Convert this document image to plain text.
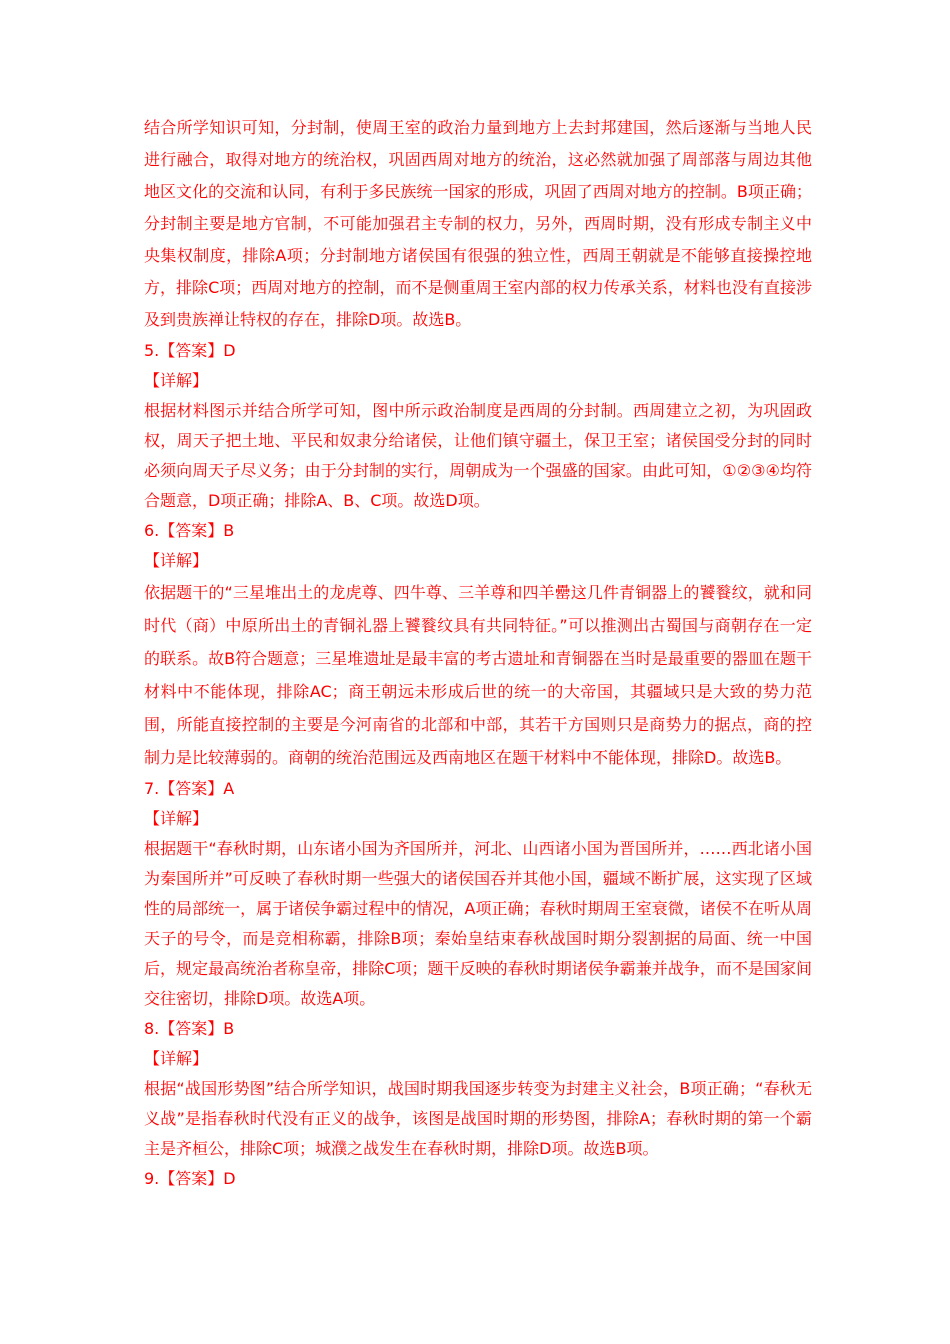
结合所学知识可知，分封制，使周王室的政治力量到地方上去封邦建国，然后逐渐与当地人民进行融合，取得对地方的统治权，巩固西周对地方的统治，这必然就加强了周部落与周边其他地区文化的交流和认同，有利于多民族统一国家的形成，巩固了西周对地方的控制。B项正确；分封制主要是地方官制，不可能加强君主专制的权力，另外，西周时期，没有形成专制主义中央集权制度，排除A项；分封制地方诸侯国有很强的独立性，西周王朝就是不能够直接操控地方，排除C项；西周对地方的控制，而不是侧重周王室内部的权力传承关系，材料也没有直接涉及到贵族禅让特权的存在，排除D项。故选B。

5.【答案】D

【详解】

根据材料图示并结合所学可知，图中所示政治制度是西周的分封制。西周建立之初，为巩固政权，周天子把土地、平民和奴隶分给诸侯，让他们镇守疆土，保卫王室；诸侯国受分封的同时必须向周天子尽义务；由于分封制的实行，周朝成为一个强盛的国家。由此可知，①②③④均符合题意，D项正确；排除A、B、C项。故选D项。

6.【答案】B

【详解】

依据题干的“三星堆出土的龙虎尊、四牛尊、三羊尊和四羊罍这几件青铜器上的饕餮纹，就和同时代（商）中原所出土的青铜礼器上饕餮纹具有共同特征。”可以推测出古蜀国与商朝存在一定的联系。故B符合题意；三星堆遗址是最丰富的考古遗址和青铜器在当时是最重要的器皿在题干材料中不能体现，排除AC；商王朝远未形成后世的统一的大帝国，其疆域只是大致的势力范围，所能直接控制的主要是今河南省的北部和中部，其若干方国则只是商势力的据点，商的控制力是比较薄弱的。商朝的统治范围远及西南地区在题干材料中不能体现，排除D。故选B。

7.【答案】A

【详解】

根据题干“春秋时期，山东诸小国为齐国所并，河北、山西诸小国为晋国所并，……西北诸小国为秦国所并”可反映了春秋时期一些强大的诸侯国吞并其他小国，疆域不断扩展，这实现了区域性的局部统一，属于诸侯争霸过程中的情况，A项正确；春秋时期周王室衰微，诸侯不在听从周天子的号令，而是竞相称霸，排除B项；秦始皇结束春秋战国时期分裂割据的局面、统一中国后，规定最高统治者称皇帝，排除C项；题干反映的春秋时期诸侯争霸兼并战争，而不是国家间交往密切，排除D项。故选A项。

8.【答案】B

【详解】

根据“战国形势图”结合所学知识，战国时期我国逐步转变为封建主义社会，B项正确；“春秋无义战”是指春秋时代没有正义的战争，该图是战国时期的形势图，排除A；春秋时期的第一个霸主是齐桓公，排除C项；城濮之战发生在春秋时期，排除D项。故选B项。

9.【答案】D
